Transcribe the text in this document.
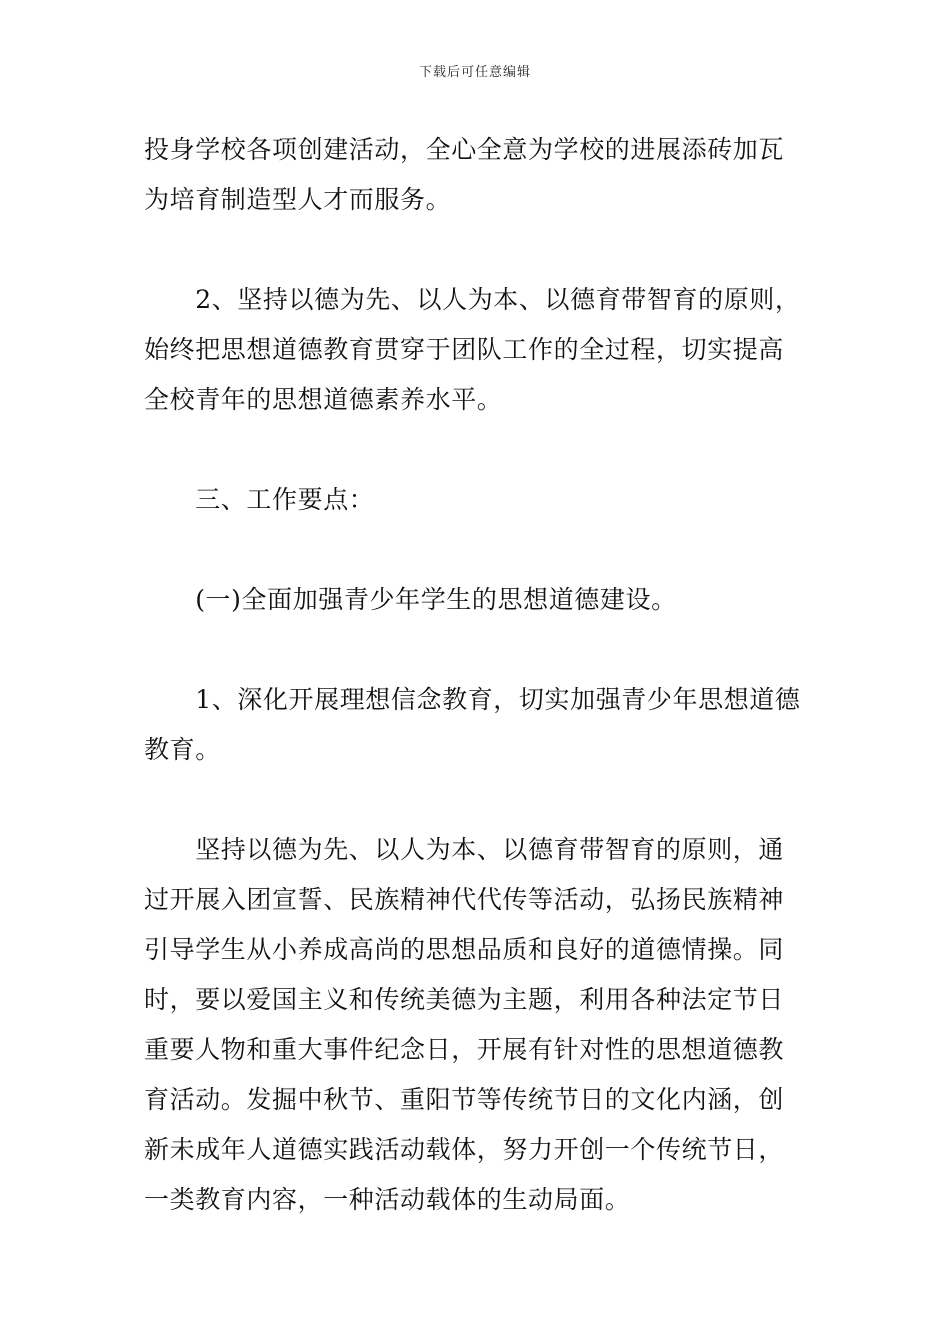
下载后可任意编辑
投身学校各项创建活动，全心全意为学校的进展添砖加瓦
为培育制造型人才而服务。
　　2、坚持以德为先、以人为本、以德育带智育的原则，
始终把思想道德教育贯穿于团队工作的全过程，切实提高
全校青年的思想道德素养水平。
　　三、工作要点：
　　(一)全面加强青少年学生的思想道德建设。
　　1、深化开展理想信念教育，切实加强青少年思想道德
教育。
　　坚持以德为先、以人为本、以德育带智育的原则，通
过开展入团宣誓、民族精神代代传等活动，弘扬民族精神
引导学生从小养成高尚的思想品质和良好的道德情操。同
时，要以爱国主义和传统美德为主题，利用各种法定节日
重要人物和重大事件纪念日，开展有针对性的思想道德教
育活动。发掘中秋节、重阳节等传统节日的文化内涵，创
新未成年人道德实践活动载体，努力开创一个传统节日，
一类教育内容，一种活动载体的生动局面。
